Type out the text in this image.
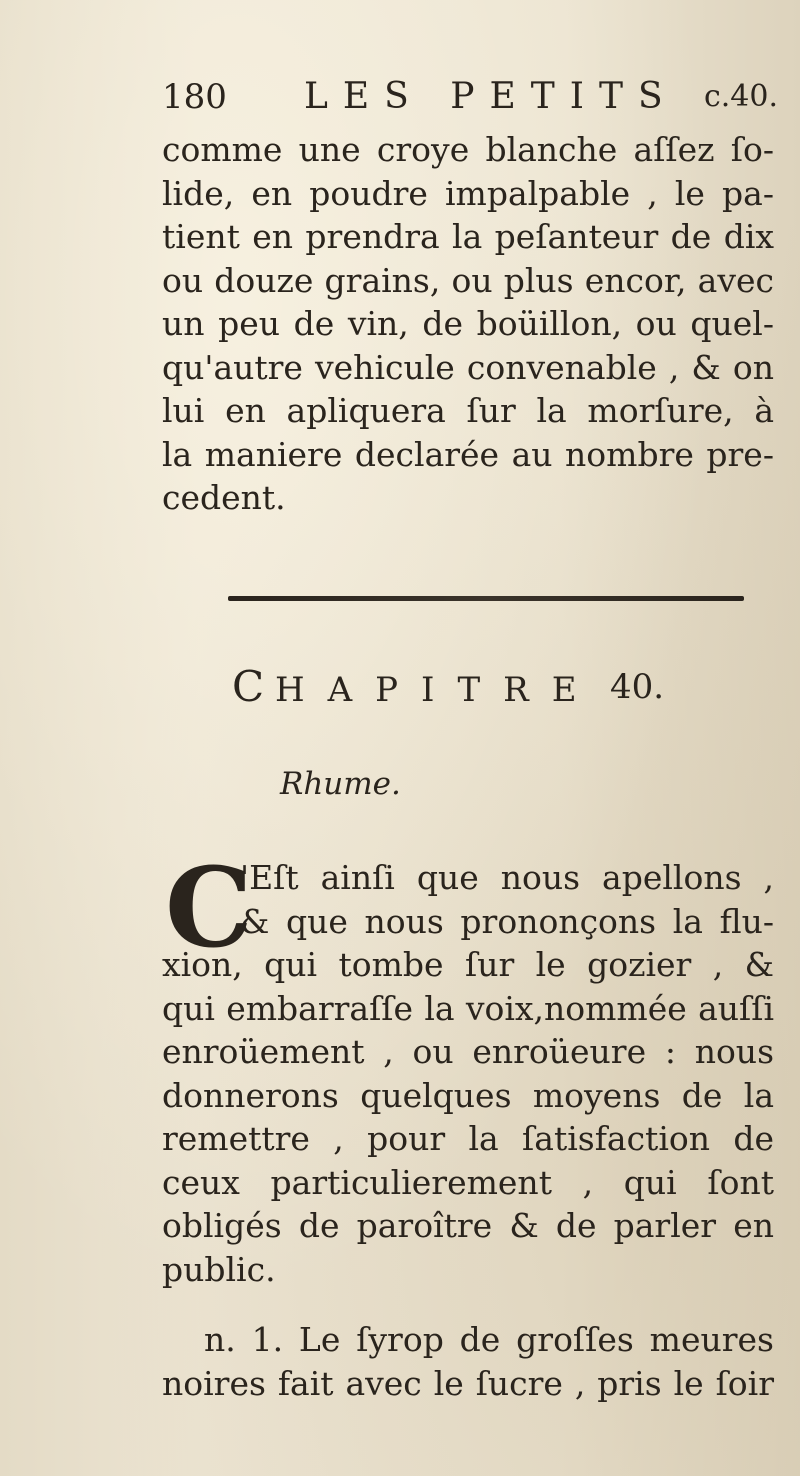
180 LES PETITS c.40.
comme une croye blanche aſſez ſo-
lide, en poudre impalpable , le pa-
tient en prendra la peſanteur de dix
ou douze grains, ou plus encor, avec
un peu de vin, de boüillon, ou quel-
qu'autre vehicule convenable , & on
lui en apliquera ſur la morſure, à
la maniere declarée au nombre pre-
cedent.
C HAPITRE 40.
Rhume.
C
'Eſt ainſi que nous apellons ,
& que nous prononçons la flu-
xion, qui tombe ſur le gozier , &
qui embarraſſe la voix,nommée auſſi
enroüement , ou enroüeure : nous
donnerons quelques moyens de la
remettre , pour la ſatisfaction de
ceux particulierement , qui ſont
obligés de paroître & de parler en
public.
n. 1. Le ſyrop de groſſes meures
noires fait avec le ſucre , pris le ſoir
